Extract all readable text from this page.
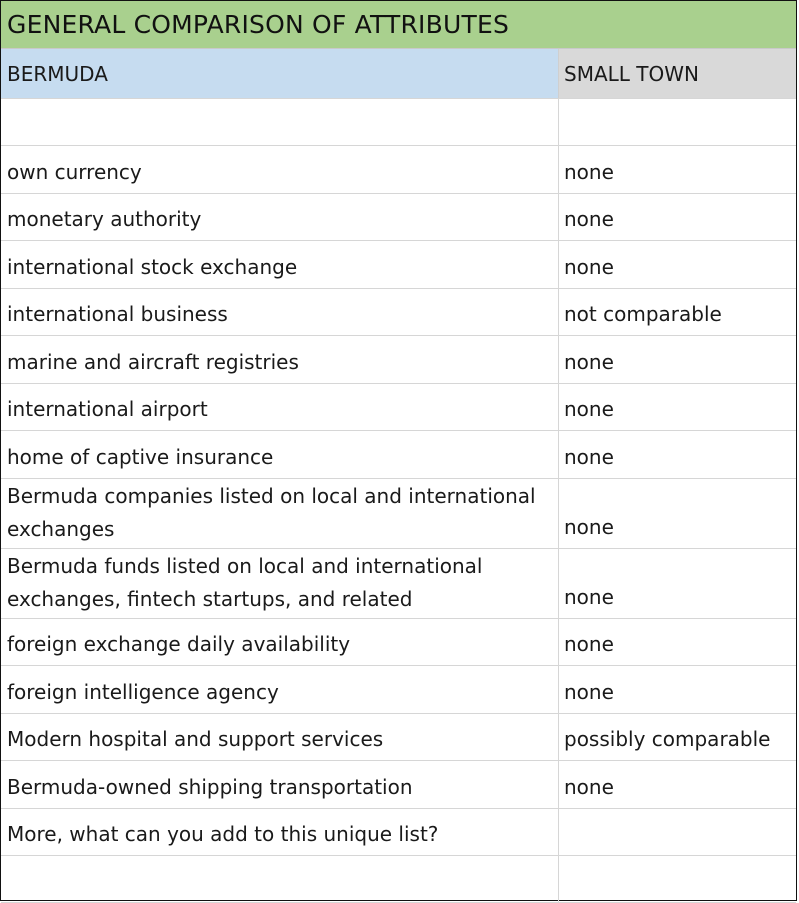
GENERAL COMPARISON OF ATTRIBUTES
BERMUDA	SMALL TOWN
own currency	none
monetary authority	none
international stock exchange	none
international business	not comparable
marine and aircraft registries	none
international airport	none
home of captive insurance	none
Bermuda companies listed on local and international exchanges	none
Bermuda funds listed on local and international exchanges, fintech startups, and related	none
foreign exchange daily availability	none
foreign intelligence agency	none
Modern hospital and support services	possibly comparable
Bermuda-owned shipping transportation	none
More, what can you add to this unique list?
